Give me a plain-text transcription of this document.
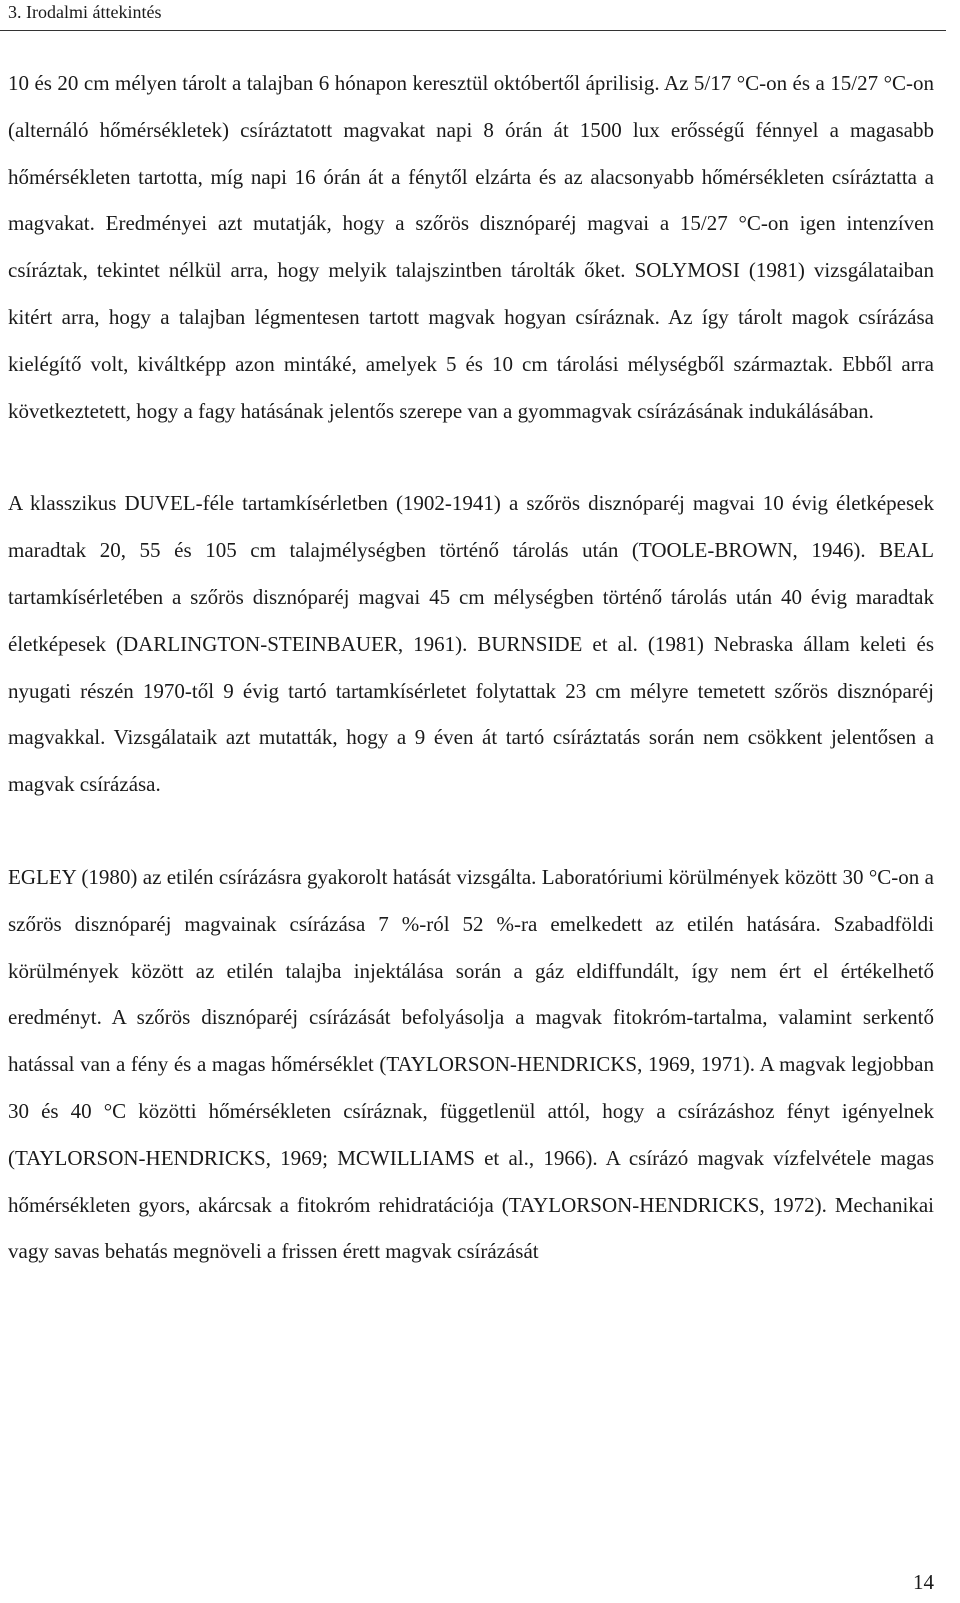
3. Irodalmi áttekintés

10 és 20 cm mélyen tárolt a talajban 6 hónapon keresztül októbertől áprilisig. Az 5/17 °C-on és a 15/27 °C-on (alternáló hőmérsékletek) csíráztatott magvakat napi 8 órán át 1500 lux erősségű fénnyel a magasabb hőmérsékleten tartotta, míg napi 16 órán át a fénytől elzárta és az alacsonyabb hőmérsékleten csíráztatta a magvakat. Eredményei azt mutatják, hogy a szőrös disznóparéj magvai a 15/27 °C-on igen intenzíven csíráztak, tekintet nélkül arra, hogy melyik talajszintben tárolták őket. SOLYMOSI (1981) vizsgálataiban kitért arra, hogy a talajban légmentesen tartott magvak hogyan csíráznak. Az így tárolt magok csírázása kielégítő volt, kiváltképp azon mintáké, amelyek 5 és 10 cm tárolási mélységből származtak. Ebből arra következtetett, hogy a fagy hatásának jelentős szerepe van a gyommagvak csírázásának indukálásában.

A klasszikus DUVEL-féle tartamkísérletben (1902-1941) a szőrös disznóparéj magvai 10 évig életképesek maradtak 20, 55 és 105 cm talajmélységben történő tárolás után (TOOLE-BROWN, 1946). BEAL tartamkísérletében a szőrös disznóparéj magvai 45 cm mélységben történő tárolás után 40 évig maradtak életképesek (DARLINGTON-STEINBAUER, 1961). BURNSIDE et al. (1981) Nebraska állam keleti és nyugati részén 1970-től 9 évig tartó tartamkísérletet folytattak 23 cm mélyre temetett szőrös disznóparéj magvakkal. Vizsgálataik azt mutatták, hogy a 9 éven át tartó csíráztatás során nem csökkent jelentősen a magvak csírázása.

EGLEY (1980) az etilén csírázásra gyakorolt hatását vizsgálta. Laboratóriumi körülmények között 30 °C-on a szőrös disznóparéj magvainak csírázása 7 %-ról 52 %-ra emelkedett az etilén hatására. Szabadföldi körülmények között az etilén talajba injektálása során a gáz eldiffundált, így nem ért el értékelhető eredményt. A szőrös disznóparéj csírázását befolyásolja a magvak fitokróm-tartalma, valamint serkentő hatással van a fény és a magas hőmérséklet (TAYLORSON-HENDRICKS, 1969, 1971). A magvak legjobban 30 és 40 °C közötti hőmérsékleten csíráznak, függetlenül attól, hogy a csírázáshoz fényt igényelnek (TAYLORSON-HENDRICKS, 1969; MCWILLIAMS et al., 1966). A csírázó magvak vízfelvétele magas hőmérsékleten gyors, akárcsak a fitokróm rehidratációja (TAYLORSON-HENDRICKS, 1972). Mechanikai vagy savas behatás megnöveli a frissen érett magvak csírázását

14
